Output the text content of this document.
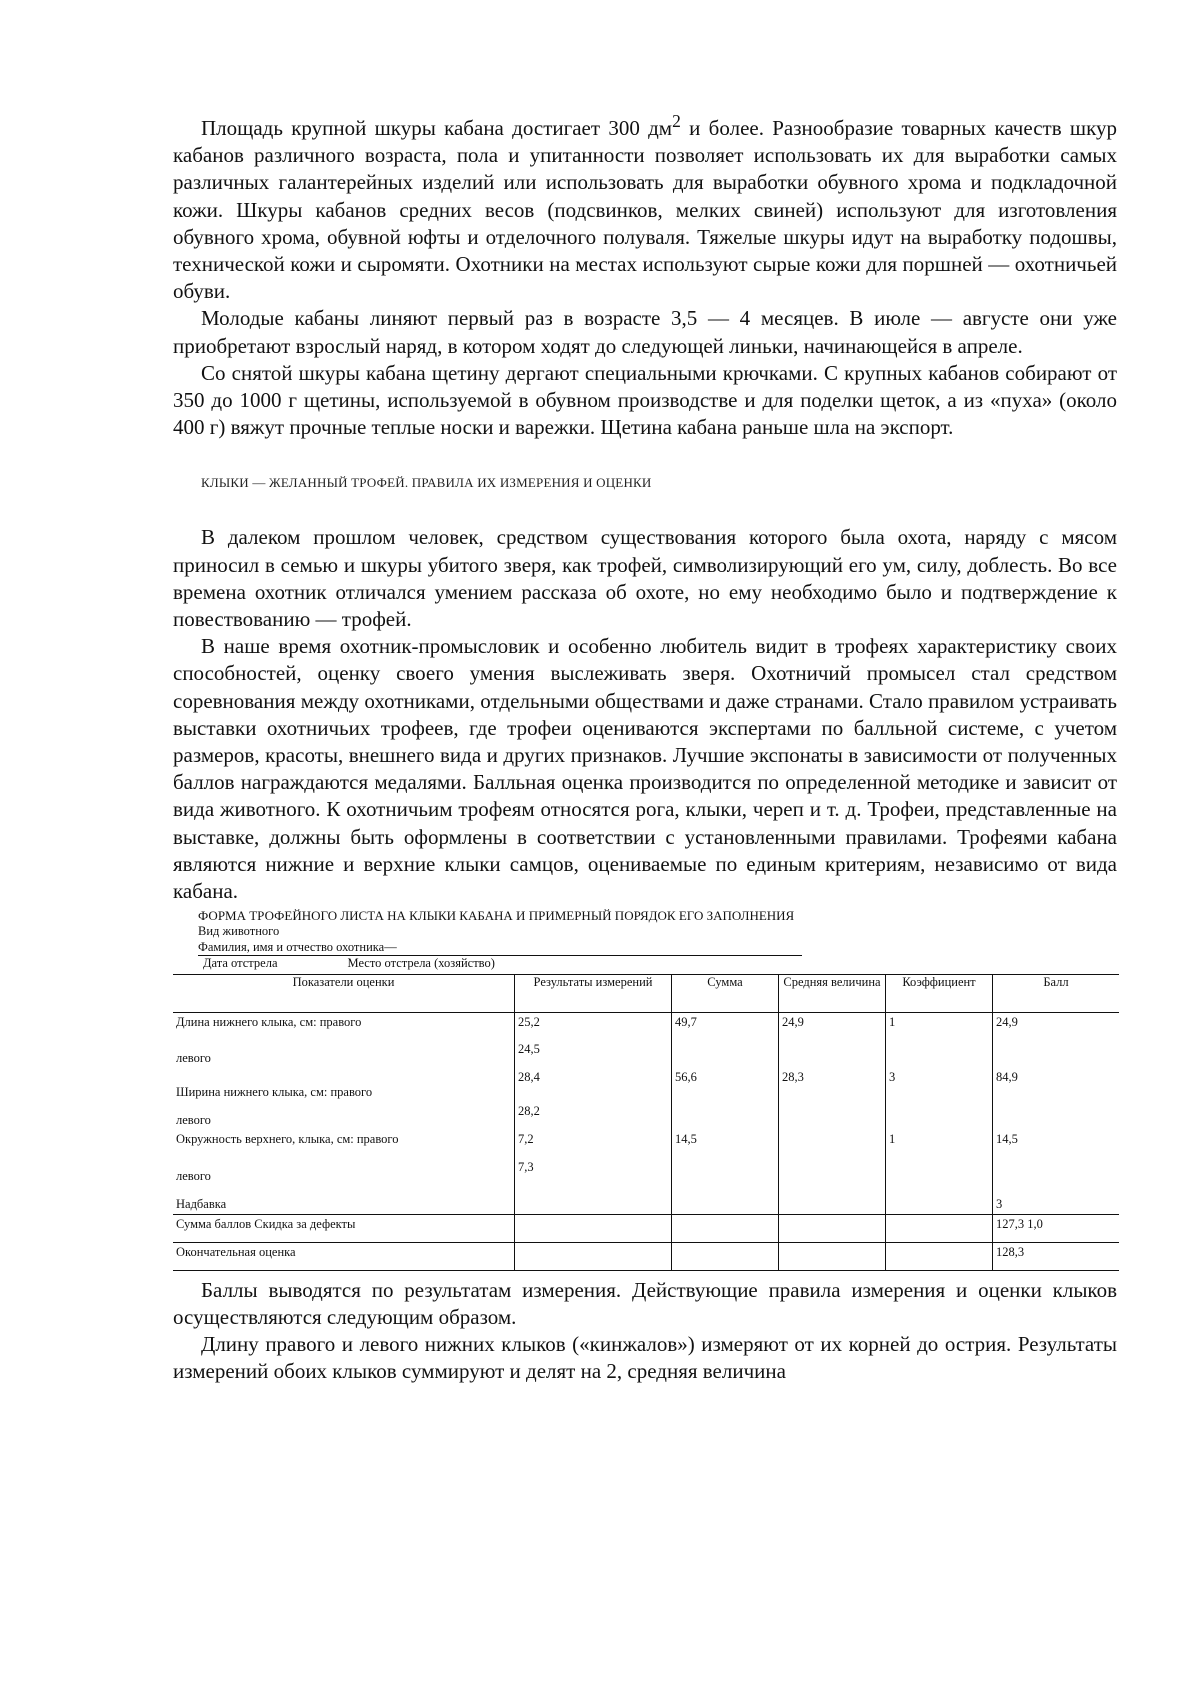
Площадь крупной шкуры кабана достигает 300 $дм^2$ и более. Разнообразие товарных качеств шкур кабанов различного возраста, пола и упитанности позволяет использовать их для выработки самых различных галантерейных изделий или использовать для выработки обувного хрома и подкладочной кожи. Шкуры кабанов средних весов (подсвинков, мелких свиней) используют для изготовления обувного хрома, обувной юфты и отделочного полуваля. Тяжелые шкуры идут на выработку подошвы, технической кожи и сыромяти. Охотники на местах используют сырые кожи для поршней — охотничьей обуви.

Молодые кабаны линяют первый раз в возрасте 3,5 — 4 месяцев. В июле — августе они уже приобретают взрослый наряд, в котором ходят до следующей линьки, начинающейся в апреле.

Со снятой шкуры кабана щетину дергают специальными крючками. С крупных кабанов собирают от 350 до 1000 г щетины, используемой в обувном производстве и для поделки щеток, а из «пуха» (около 400 г) вяжут прочные теплые носки и варежки. Щетина кабана раньше шла на экспорт.

КЛЫКИ — ЖЕЛАННЫЙ ТРОФЕЙ. ПРАВИЛА ИХ ИЗМЕРЕНИЯ И ОЦЕНКИ

В далеком прошлом человек, средством существования которого была охота, наряду с мясом приносил в семью и шкуры убитого зверя, как трофей, символизирующий его ум, силу, доблесть. Во все времена охотник отличался умением рассказа об охоте, но ему необходимо было и подтверждение к повествованию — трофей.

В наше время охотник-промысловик и особенно любитель видит в трофеях характеристику своих способностей, оценку своего умения выслеживать зверя. Охотничий промысел стал средством соревнования между охотниками, отдельными обществами и даже странами. Стало правилом устраивать выставки охотничьих трофеев, где трофеи оцениваются экспертами по балльной системе, с учетом размеров, красоты, внешнего вида и других признаков. Лучшие экспонаты в зависимости от полученных баллов награждаются медалями. Балльная оценка производится по определенной методике и зависит от вида животного. К охотничьим трофеям относятся рога, клыки, череп и т. д. Трофеи, представленные на выставке, должны быть оформлены в соответствии с установленными правилами. Трофеями кабана являются нижние и верхние клыки самцов, оцениваемые по единым критериям, независимо от вида кабана.

ФОРМА ТРОФЕЙНОГО ЛИСТА НА КЛЫКИ КАБАНА И ПРИМЕРНЫЙ ПОРЯДОК ЕГО ЗАПОЛНЕНИЯ
Вид животного
Фамилия, имя и отчество охотника—
Дата отстрела	Место отстрела (хозяйство)
Показатели оценки	Результаты измерений	Сумма	Средняя величина	Коэффициент	Балл
Длина нижнего клыка, см: правого	25,2	49,7	24,9	1	24,9
левого	24,5				
Ширина нижнего клыка, см: правого	28,4	56,6	28,3	3	84,9
левого	28,2				
Окружность верхнего, клыка, см: правого	7,2	14,5		1	14,5
левого	7,3				
Надбавка					3
Сумма баллов Скидка за дефекты					127,3 1,0
Окончательная оценка					128,3

Баллы выводятся по результатам измерения. Действующие правила измерения и оценки клыков осуществляются следующим образом.

Длину правого и левого нижних клыков («кинжалов») измеряют от их корней до острия. Результаты измерений обоих клыков суммируют и делят на 2, средняя величина
